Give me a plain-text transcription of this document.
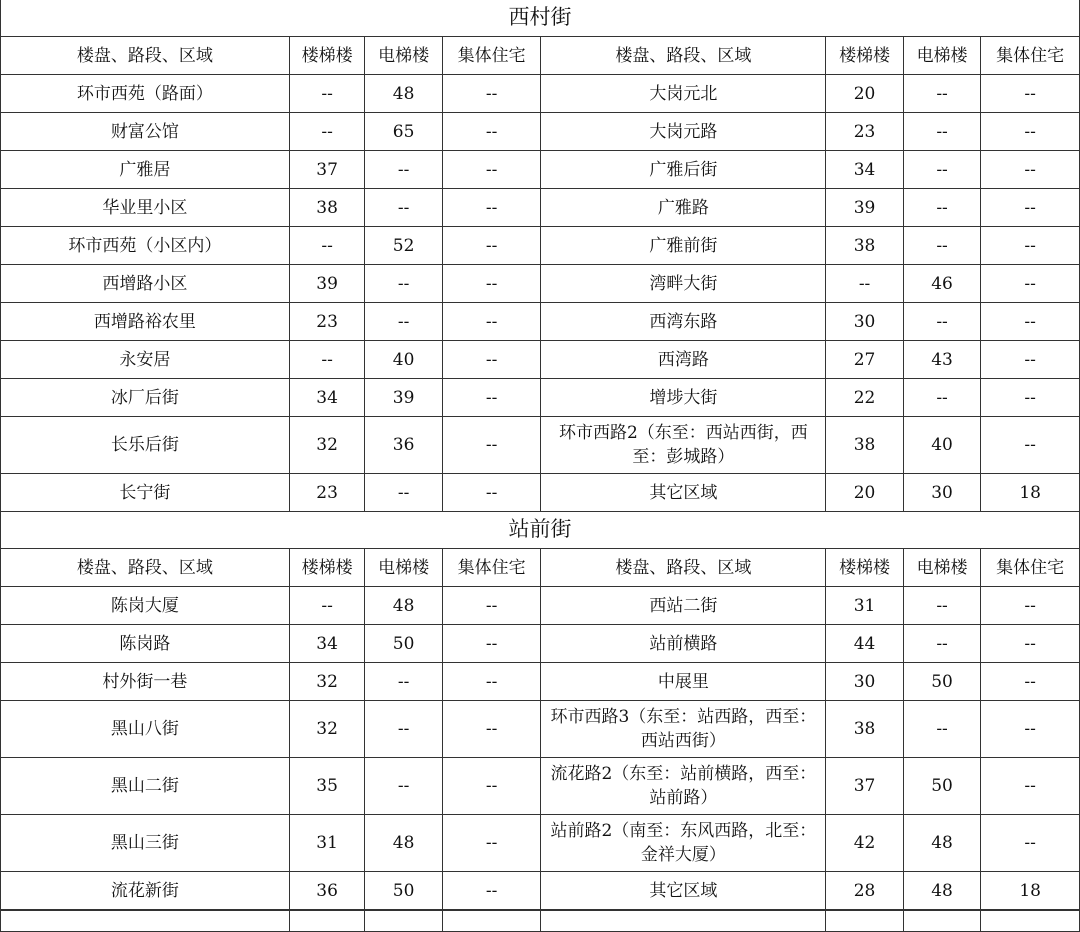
西村街
楼盘、路段、区域	楼梯楼	电梯楼	集体住宅	楼盘、路段、区域	楼梯楼	电梯楼	集体住宅
环市西苑（路面）	--	48	--	大岗元北	20	--	--
财富公馆	--	65	--	大岗元路	23	--	--
广雅居	37	--	--	广雅后街	34	--	--
华业里小区	38	--	--	广雅路	39	--	--
环市西苑（小区内）	--	52	--	广雅前街	38	--	--
西增路小区	39	--	--	湾畔大街	--	46	--
西增路裕农里	23	--	--	西湾东路	30	--	--
永安居	--	40	--	西湾路	27	43	--
冰厂后街	34	39	--	增埗大街	22	--	--
长乐后街	32	36	--	环市西路2（东至：西站西街，西至：彭城路）	38	40	--
长宁街	23	--	--	其它区域	20	30	18
站前街
楼盘、路段、区域	楼梯楼	电梯楼	集体住宅	楼盘、路段、区域	楼梯楼	电梯楼	集体住宅
陈岗大厦	--	48	--	西站二街	31	--	--
陈岗路	34	50	--	站前横路	44	--	--
村外街一巷	32	--	--	中展里	30	50	--
黑山八街	32	--	--	环市西路3（东至：站西路，西至：西站西街）	38	--	--
黑山二街	35	--	--	流花路2（东至：站前横路，西至：站前路）	37	50	--
黑山三街	31	48	--	站前路2（南至：东风西路，北至：金祥大厦）	42	48	--
流花新街	36	50	--	其它区域	28	48	18
